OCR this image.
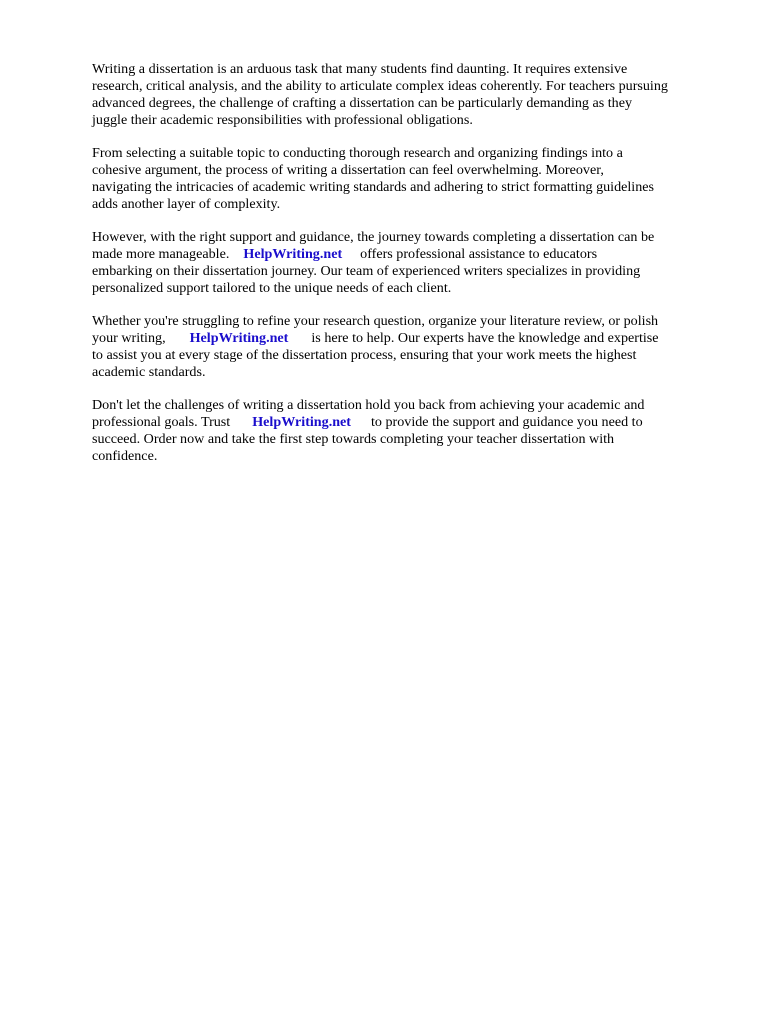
Writing a dissertation is an arduous task that many students find daunting. It requires extensive
research, critical analysis, and the ability to articulate complex ideas coherently. For teachers pursuing
advanced degrees, the challenge of crafting a dissertation can be particularly demanding as they
juggle their academic responsibilities with professional obligations.
From selecting a suitable topic to conducting thorough research and organizing findings into a
cohesive argument, the process of writing a dissertation can feel overwhelming. Moreover,
navigating the intricacies of academic writing standards and adhering to strict formatting guidelines
adds another layer of complexity.
However, with the right support and guidance, the journey towards completing a dissertation can be
made more manageable. HelpWriting.net offers professional assistance to educators
embarking on their dissertation journey. Our team of experienced writers specializes in providing
personalized support tailored to the unique needs of each client.
Whether you're struggling to refine your research question, organize your literature review, or polish
your writing, HelpWriting.net is here to help. Our experts have the knowledge and expertise
to assist you at every stage of the dissertation process, ensuring that your work meets the highest
academic standards.
Don't let the challenges of writing a dissertation hold you back from achieving your academic and
professional goals. Trust HelpWriting.net to provide the support and guidance you need to
succeed. Order now and take the first step towards completing your teacher dissertation with
confidence.
